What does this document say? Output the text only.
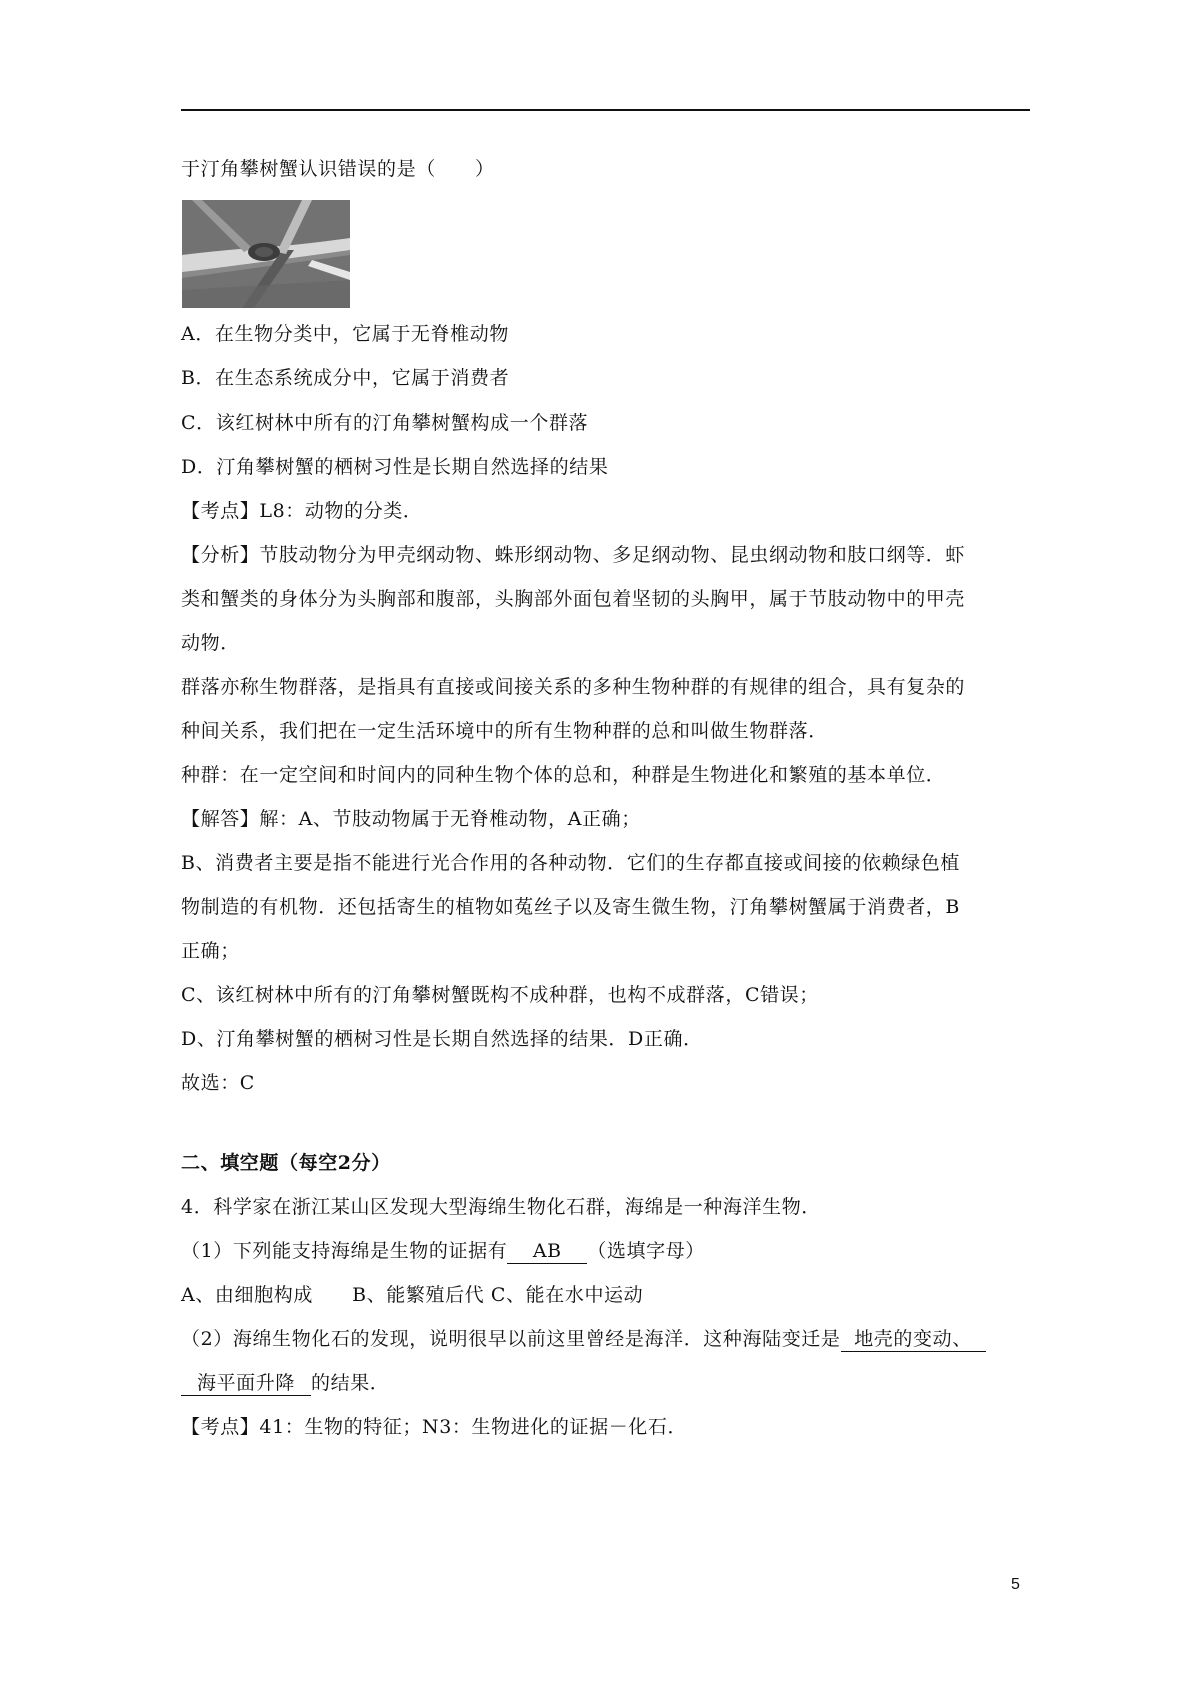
于汀角攀树蟹认识错误的是（　　）
A．在生物分类中，它属于无脊椎动物
B．在生态系统成分中，它属于消费者
C．该红树林中所有的汀角攀树蟹构成一个群落
D．汀角攀树蟹的栖树习性是长期自然选择的结果
【考点】L8：动物的分类．
【分析】节肢动物分为甲壳纲动物、蛛形纲动物、多足纲动物、昆虫纲动物和肢口纲等．虾
类和蟹类的身体分为头胸部和腹部，头胸部外面包着坚韧的头胸甲，属于节肢动物中的甲壳
动物．
群落亦称生物群落，是指具有直接或间接关系的多种生物种群的有规律的组合，具有复杂的
种间关系，我们把在一定生活环境中的所有生物种群的总和叫做生物群落．
种群：在一定空间和时间内的同种生物个体的总和，种群是生物进化和繁殖的基本单位．
【解答】解：A、节肢动物属于无脊椎动物，A正确；
B、消费者主要是指不能进行光合作用的各种动物．它们的生存都直接或间接的依赖绿色植
物制造的有机物．还包括寄生的植物如菟丝子以及寄生微生物，汀角攀树蟹属于消费者，B
正确；
C、该红树林中所有的汀角攀树蟹既构不成种群，也构不成群落，C错误；
D、汀角攀树蟹的栖树习性是长期自然选择的结果．D正确．
故选：C
二、填空题（每空2分）
4．科学家在浙江某山区发现大型海绵生物化石群，海绵是一种海洋生物．
（1）下列能支持海绵是生物的证据有 AB （选填字母）
A、由细胞构成　　B、能繁殖后代 C、能在水中运动
（2）海绵生物化石的发现，说明很早以前这里曾经是海洋．这种海陆变迁是 地壳的变动、
海平面升降 的结果．
【考点】41：生物的特征；N3：生物进化的证据－化石．
5
